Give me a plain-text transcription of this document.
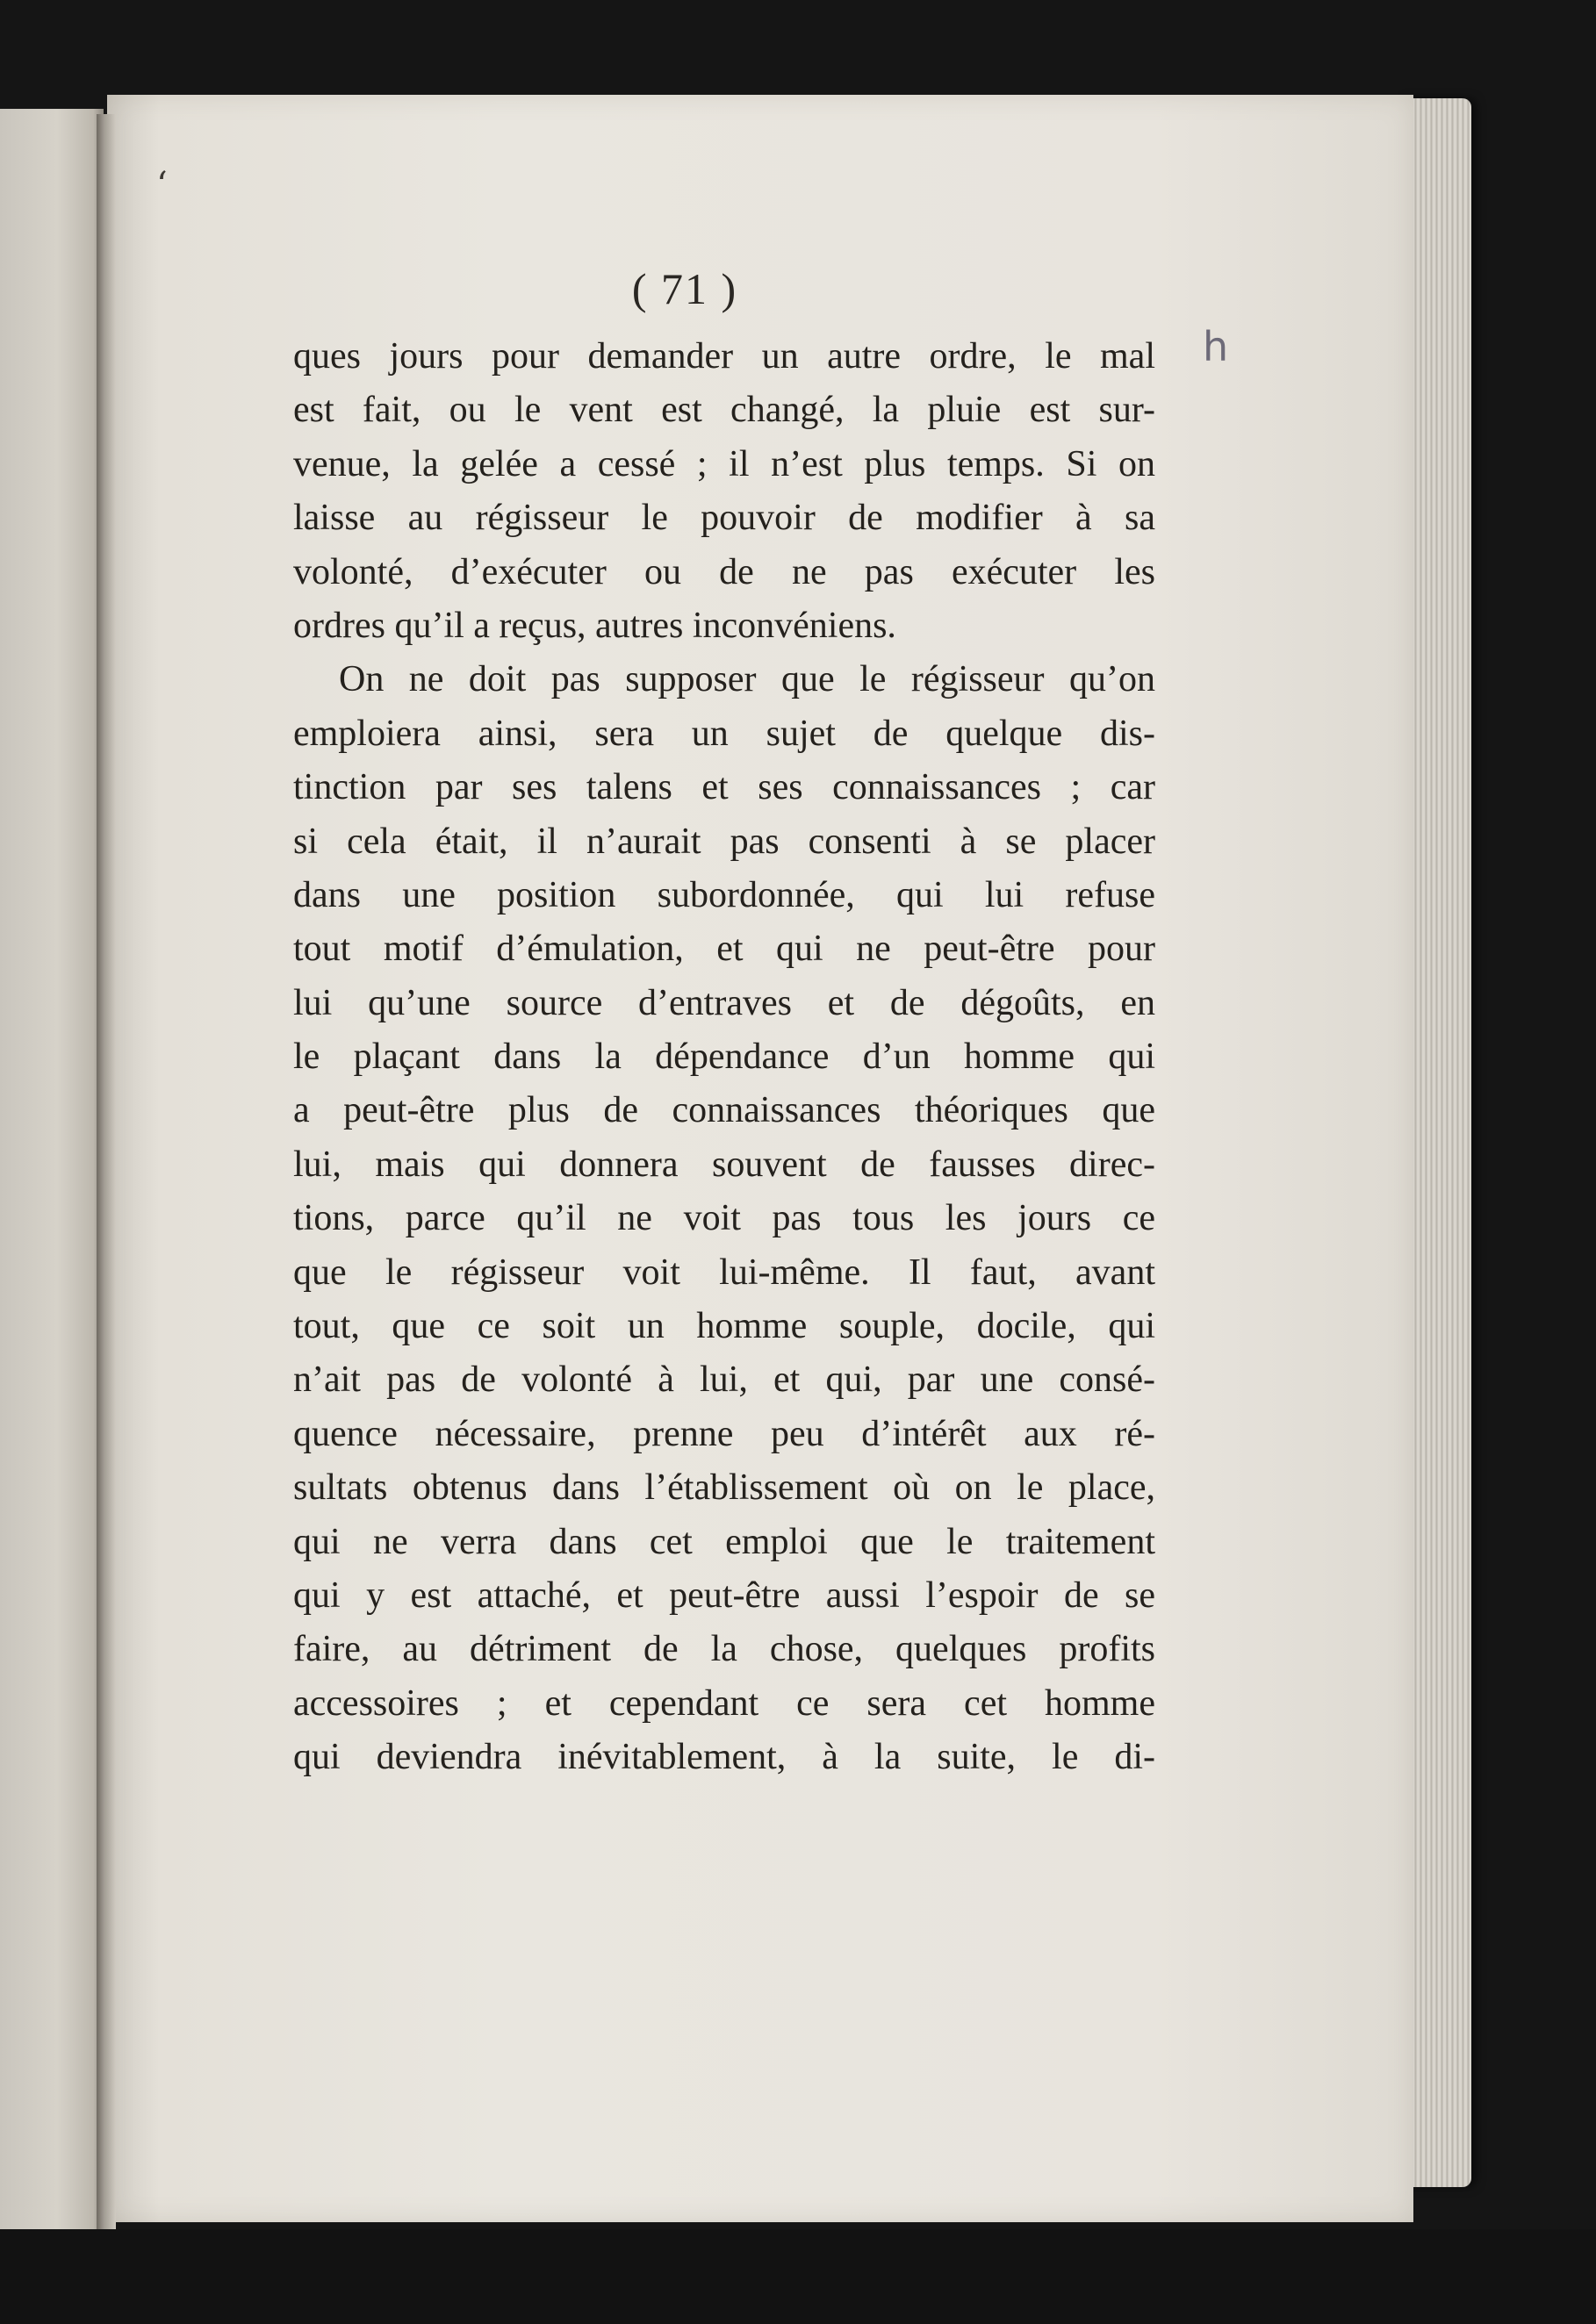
‘

( 71 )

h

ques jours pour demander un autre ordre, le mal
est fait, ou le vent est changé, la pluie est sur-
venue, la gelée a cessé ; il n’est plus temps. Si on
laisse au régisseur le pouvoir de modifier à sa
volonté, d’exécuter ou de ne pas exécuter les
ordres qu’il a reçus, autres inconvéniens.
On ne doit pas supposer que le régisseur qu’on
emploiera ainsi, sera un sujet de quelque dis-
tinction par ses talens et ses connaissances ; car
si cela était, il n’aurait pas consenti à se placer
dans une position subordonnée, qui lui refuse
tout motif d’émulation, et qui ne peut-être pour
lui qu’une source d’entraves et de dégoûts, en
le plaçant dans la dépendance d’un homme qui
a peut-être plus de connaissances théoriques que
lui, mais qui donnera souvent de fausses direc-
tions, parce qu’il ne voit pas tous les jours ce
que le régisseur voit lui-même. Il faut, avant
tout, que ce soit un homme souple, docile, qui
n’ait pas de volonté à lui, et qui, par une consé-
quence nécessaire, prenne peu d’intérêt aux ré-
sultats obtenus dans l’établissement où on le place,
qui ne verra dans cet emploi que le traitement
qui y est attaché, et peut-être aussi l’espoir de se
faire, au détriment de la chose, quelques profits
accessoires ; et cependant ce sera cet homme
qui deviendra inévitablement, à la suite, le di-
